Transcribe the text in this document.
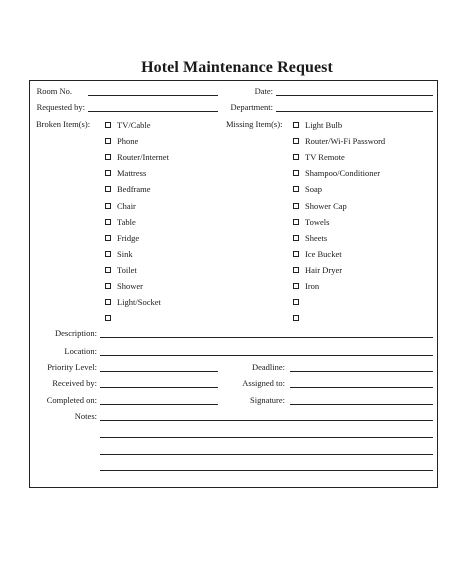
Hotel Maintenance Request
Room No.	Date:
Requested by:	Department:
Broken Item(s):	Missing Item(s):
TV/Cable
Phone
Router/Internet
Mattress
Bedframe
Chair
Table
Fridge
Sink
Toilet
Shower
Light/Socket
Light Bulb
Router/Wi-Fi Password
TV Remote
Shampoo/Conditioner
Soap
Shower Cap
Towels
Sheets
Ice Bucket
Hair Dryer
Iron
Description:
Location:
Priority Level:	Deadline:
Received by:	Assigned to:
Completed on:	Signature:
Notes:
